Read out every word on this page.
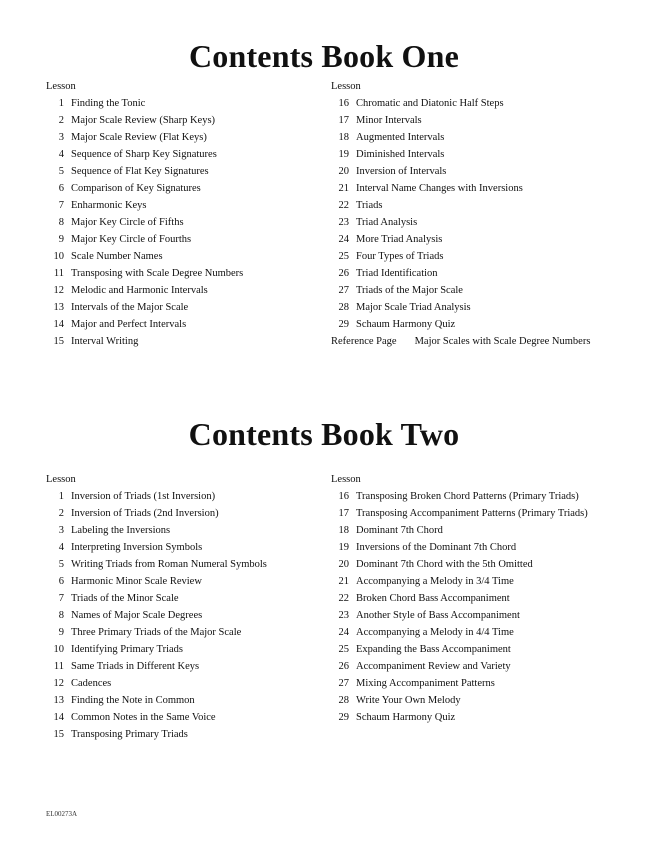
Contents Book One
Lesson
1 Finding the Tonic
2 Major Scale Review (Sharp Keys)
3 Major Scale Review (Flat Keys)
4 Sequence of Sharp Key Signatures
5 Sequence of Flat Key Signatures
6 Comparison of Key Signatures
7 Enharmonic Keys
8 Major Key Circle of Fifths
9 Major Key Circle of Fourths
10 Scale Number Names
11 Transposing with Scale Degree Numbers
12 Melodic and Harmonic Intervals
13 Intervals of the Major Scale
14 Major and Perfect Intervals
15 Interval Writing
Lesson
16 Chromatic and Diatonic Half Steps
17 Minor Intervals
18 Augmented Intervals
19 Diminished Intervals
20 Inversion of Intervals
21 Interval Name Changes with Inversions
22 Triads
23 Triad Analysis
24 More Triad Analysis
25 Four Types of Triads
26 Triad Identification
27 Triads of the Major Scale
28 Major Scale Triad Analysis
29 Schaum Harmony Quiz
Reference Page Major Scales with Scale Degree Numbers
Contents Book Two
Lesson
1 Inversion of Triads (1st Inversion)
2 Inversion of Triads (2nd Inversion)
3 Labeling the Inversions
4 Interpreting Inversion Symbols
5 Writing Triads from Roman Numeral Symbols
6 Harmonic Minor Scale Review
7 Triads of the Minor Scale
8 Names of Major Scale Degrees
9 Three Primary Triads of the Major Scale
10 Identifying Primary Triads
11 Same Triads in Different Keys
12 Cadences
13 Finding the Note in Common
14 Common Notes in the Same Voice
15 Transposing Primary Triads
Lesson
16 Transposing Broken Chord Patterns (Primary Triads)
17 Transposing Accompaniment Patterns (Primary Triads)
18 Dominant 7th Chord
19 Inversions of the Dominant 7th Chord
20 Dominant 7th Chord with the 5th Omitted
21 Accompanying a Melody in 3/4 Time
22 Broken Chord Bass Accompaniment
23 Another Style of Bass Accompaniment
24 Accompanying a Melody in 4/4 Time
25 Expanding the Bass Accompaniment
26 Accompaniment Review and Variety
27 Mixing Accompaniment Patterns
28 Write Your Own Melody
29 Schaum Harmony Quiz
EL00273A
